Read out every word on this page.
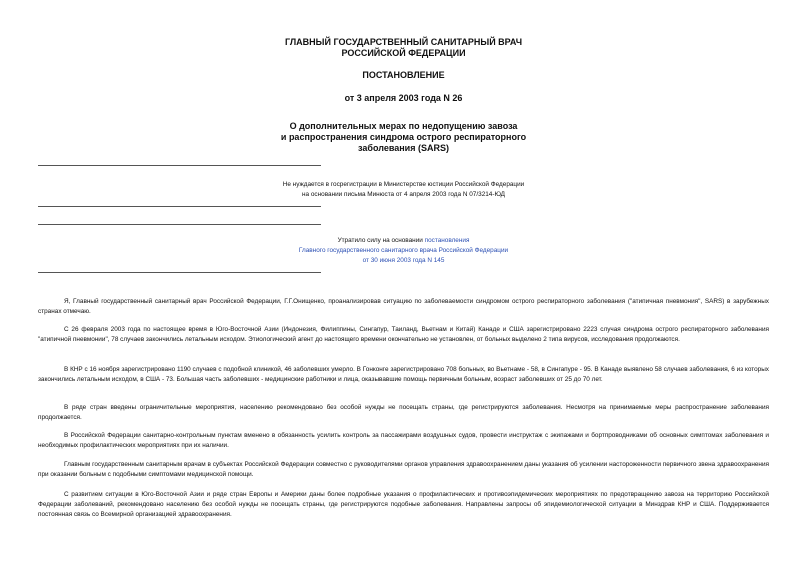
ГЛАВНЫЙ ГОСУДАРСТВЕННЫЙ САНИТАРНЫЙ ВРАЧ
РОССИЙСКОЙ ФЕДЕРАЦИИ
ПОСТАНОВЛЕНИЕ
от 3 апреля 2003 года N 26
О дополнительных мерах по недопущению завоза
и распространения синдрома острого респираторного
заболевания (SARS)
Не нуждается в госрегистрации в Министерстве юстиции Российской Федерации
на основании письма Минюста от 4 апреля 2003 года N 07/3214-ЮД
Утратило силу на основании постановления
Главного государственного санитарного врача Российской Федерации
от 30 июня 2003 года N 145
Я, Главный государственный санитарный врач Российской Федерации, Г.Г.Онищенко, проанализировав ситуацию по заболеваемости синдромом острого респираторного заболевания ("атипичная пневмония", SARS) в зарубежных странах отмечаю.
С 26 февраля 2003 года по настоящее время в Юго-Восточной Азии (Индонезия, Филиппины, Сингапур, Таиланд, Вьетнам и Китай) Канаде и США зарегистрировано 2223 случая синдрома острого респираторного заболевания "атипичной пневмонии", 78 случаев закончились летальным исходом. Этиологический агент до настоящего времени окончательно не установлен, от больных выделено 2 типа вирусов, исследования продолжаются.
В КНР с 16 ноября зарегистрировано 1190 случаев с подобной клиникой, 46 заболевших умерло. В Гонконге зарегистрировано 708 больных, во Вьетнаме - 58, в Сингапуре - 95. В Канаде выявлено 58 случаев заболевания, 6 из которых закончились летальным исходом, в США - 73. Большая часть заболевших - медицинские работники и лица, оказывавшие помощь первичным больным, возраст заболевших от 25 до 70 лет.
В ряде стран введены ограничительные мероприятия, населению рекомендовано без особой нужды не посещать страны, где регистрируются заболевания. Несмотря на принимаемые меры распространение заболевания продолжается.
В Российской Федерации санитарно-контрольным пунктам вменено в обязанность усилить контроль за пассажирами воздушных судов, провести инструктаж с экипажами и бортпроводниками об основных симптомах заболевания и необходимых профилактических мероприятиях при их наличии.
Главным государственным санитарным врачам в субъектах Российской Федерации совместно с руководителями органов управления здравоохранением даны указания об усилении настороженности первичного звена здравоохранения при оказании больным с подобными симптомами медицинской помощи.
С развитием ситуации в Юго-Восточной Азии и ряде стран Европы и Америки даны более подробные указания о профилактических и противоэпидемических мероприятиях по предотвращению завоза на территорию Российской Федерации заболеваний, рекомендовано населению без особой нужды не посещать страны, где регистрируются подобные заболевания. Направлены запросы об эпидемиологической ситуации в Минздрав КНР и США. Поддерживается постоянная связь со Всемирной организацией здравоохранения.
